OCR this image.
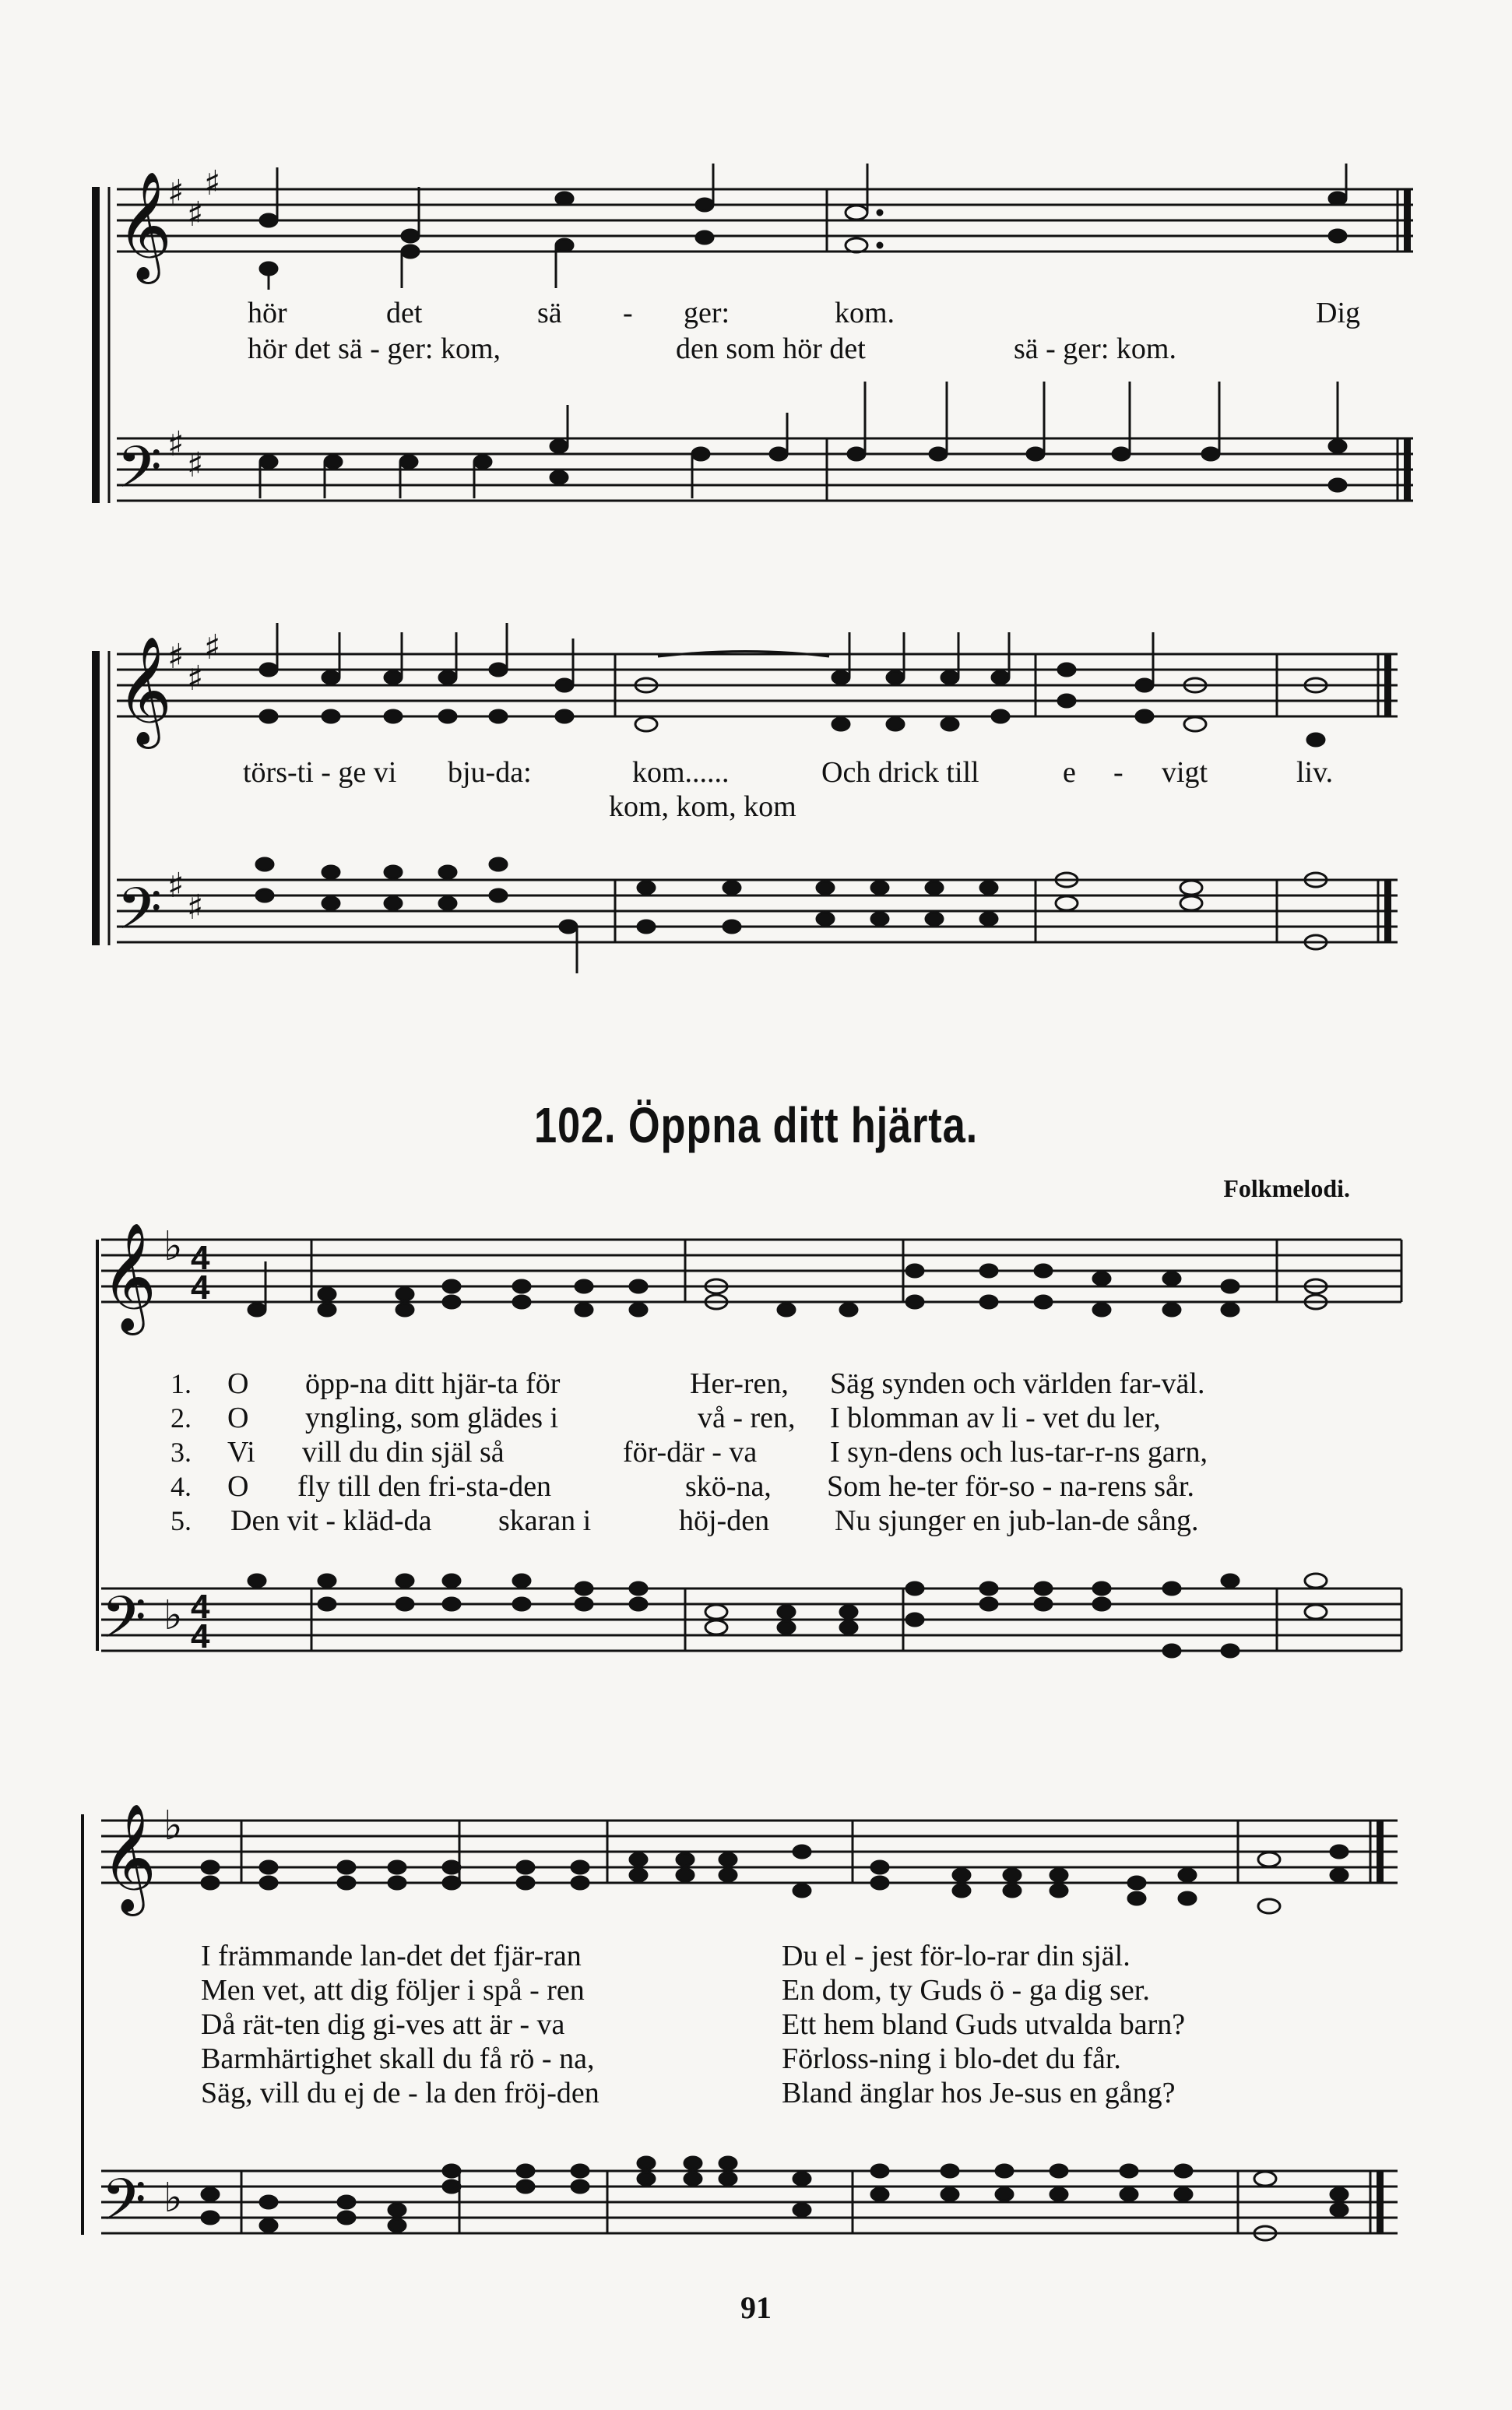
𝄞
𝄢
♯
♯
♯
♯
♯
hör	det	sä - ger:	kom.	Dig
hör det sä - ger: kom,	den som hör det	sä - ger: kom.
𝄞
𝄢
♯
♯
♯
♯
♯
törs-ti - ge vi bju-da:	kom......	Och drick till	e - vigt	liv.
kom, kom, kom
102. Öppna ditt hjärta.
Folkmelodi.
𝄞
𝄢
♭
♭
4
4
4
4
1. O öpp-na ditt hjär-ta för	Her-ren, Säg synden och världen far-väl.
2. O yngling, som glädes i	vå - ren, I blomman av li - vet du ler,
3. Vi vill du din själ så	för-där - va I syn-dens och lus-tar-r-ns garn,
4. O fly till den fri-sta-den	skö-na, Som he-ter för-so - na-rens sår.
5. Den vit - kläd-da skaran i	höj-den Nu sjunger en jub-lan-de sång.
𝄞
𝄢
♭
♭
I främmande lan-det det fjär-ran	Du el - jest för-lo-rar din själ.
Men vet, att dig följer i spå - ren	En dom, ty Guds ö - ga dig ser.
Då rät-ten dig gi-ves att är - va	Ett hem bland Guds utvalda barn?
Barmhärtighet skall du få rö - na,	Förloss-ning i blo-det du får.
Säg, vill du ej de - la den fröj-den	Bland änglar hos Je-sus en gång?
91
